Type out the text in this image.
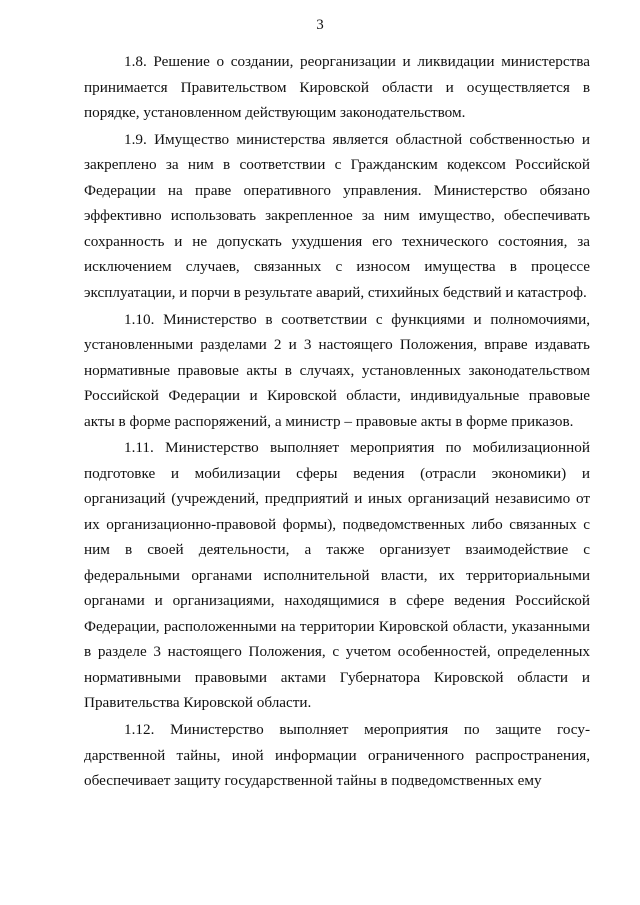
3

1.8. Решение о создании, реорганизации и ликвидации министерства принимается Правительством Кировской области и осуществляется в порядке, установленном действующим законодательством.

1.9. Имущество министерства является областной собственностью и закреплено за ним в соответствии с Гражданским кодексом Российской Федерации на праве оперативного управления. Министерство обязано эффективно использовать закрепленное за ним имущество, обеспечивать сохранность и не допускать ухудшения его технического состояния, за исключением случаев, связанных с износом имущества в процессе эксплуатации, и порчи в результате аварий, стихийных бедствий и катастроф.

1.10. Министерство в соответствии с функциями и полномочиями, установленными разделами 2 и 3 настоящего Положения, вправе издавать нормативные правовые акты в случаях, установленных законодательством Российской Федерации и Кировской области, индивидуальные правовые акты в форме распоряжений, а министр – правовые акты в форме приказов.

1.11. Министерство выполняет мероприятия по мобилизационной подготовке и мобилизации сферы ведения (отрасли экономики) и организаций (учреждений, предприятий и иных организаций независимо от их организационно-правовой формы), подведомственных либо связанных с ним в своей деятельности, а также организует взаимодействие с федеральными органами исполнительной власти, их территориальными органами и организациями, находящимися в сфере ведения Российской Федерации, расположенными на территории Кировской области, указанными в разделе 3 настоящего Положения, с учетом особенностей, определенных нормативными правовыми актами Губернатора Кировской области и Правительства Кировской области.

1.12. Министерство выполняет мероприятия по защите государственной тайны, иной информации ограниченного распространения, обеспечивает защиту государственной тайны в подведомственных ему
